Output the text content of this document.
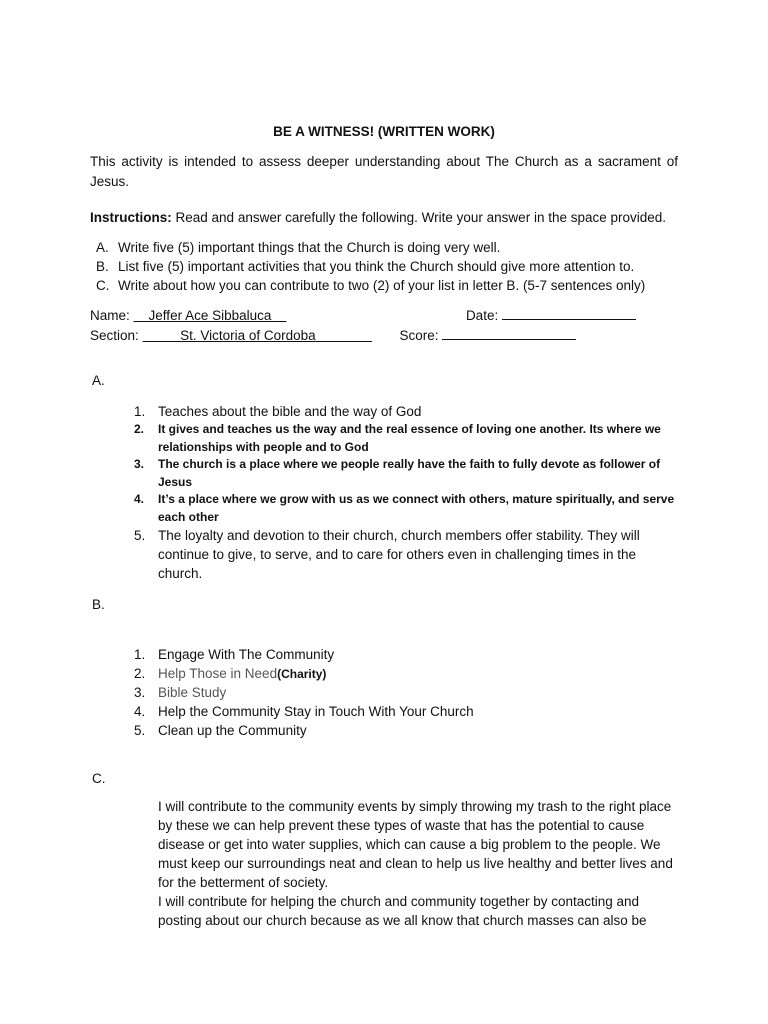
BE A WITNESS! (WRITTEN WORK)
This activity is intended to assess deeper understanding about The Church as a sacrament of Jesus.
Instructions: Read and answer carefully the following. Write your answer in the space provided.
A. Write five (5) important things that the Church is doing very well.
B. List five (5) important activities that you think the Church should give more attention to.
C. Write about how you can contribute to two (2) of your list in letter B. (5-7 sentences only)
Name: Jeffer Ace Sibbaluca	Date:
Section:	St. Victoria of Cordoba	Score:
A.
1. Teaches about the bible and the way of God
2. It gives and teaches us the way and the real essence of loving one another. Its where we relationships with people and to God
3. The church is a place where we people really have the faith to fully devote as follower of Jesus
4. It’s a place where we grow with us as we connect with others, mature spiritually, and serve each other
5. The loyalty and devotion to their church, church members offer stability. They will continue to give, to serve, and to care for others even in challenging times in the church.
B.
1. Engage With The Community
2. Help Those in Need(Charity)
3. Bible Study
4. Help the Community Stay in Touch With Your Church
5. Clean up the Community
C.

I will contribute to the community events by simply throwing my trash to the right place by these we can help prevent these types of waste that has the potential to cause disease or get into water supplies, which can cause a big problem to the people. We must keep our surroundings neat and clean to help us live healthy and better lives and for the betterment of society.

I will contribute for helping the church and community together by contacting and posting about our church because as we all know that church masses can also be
